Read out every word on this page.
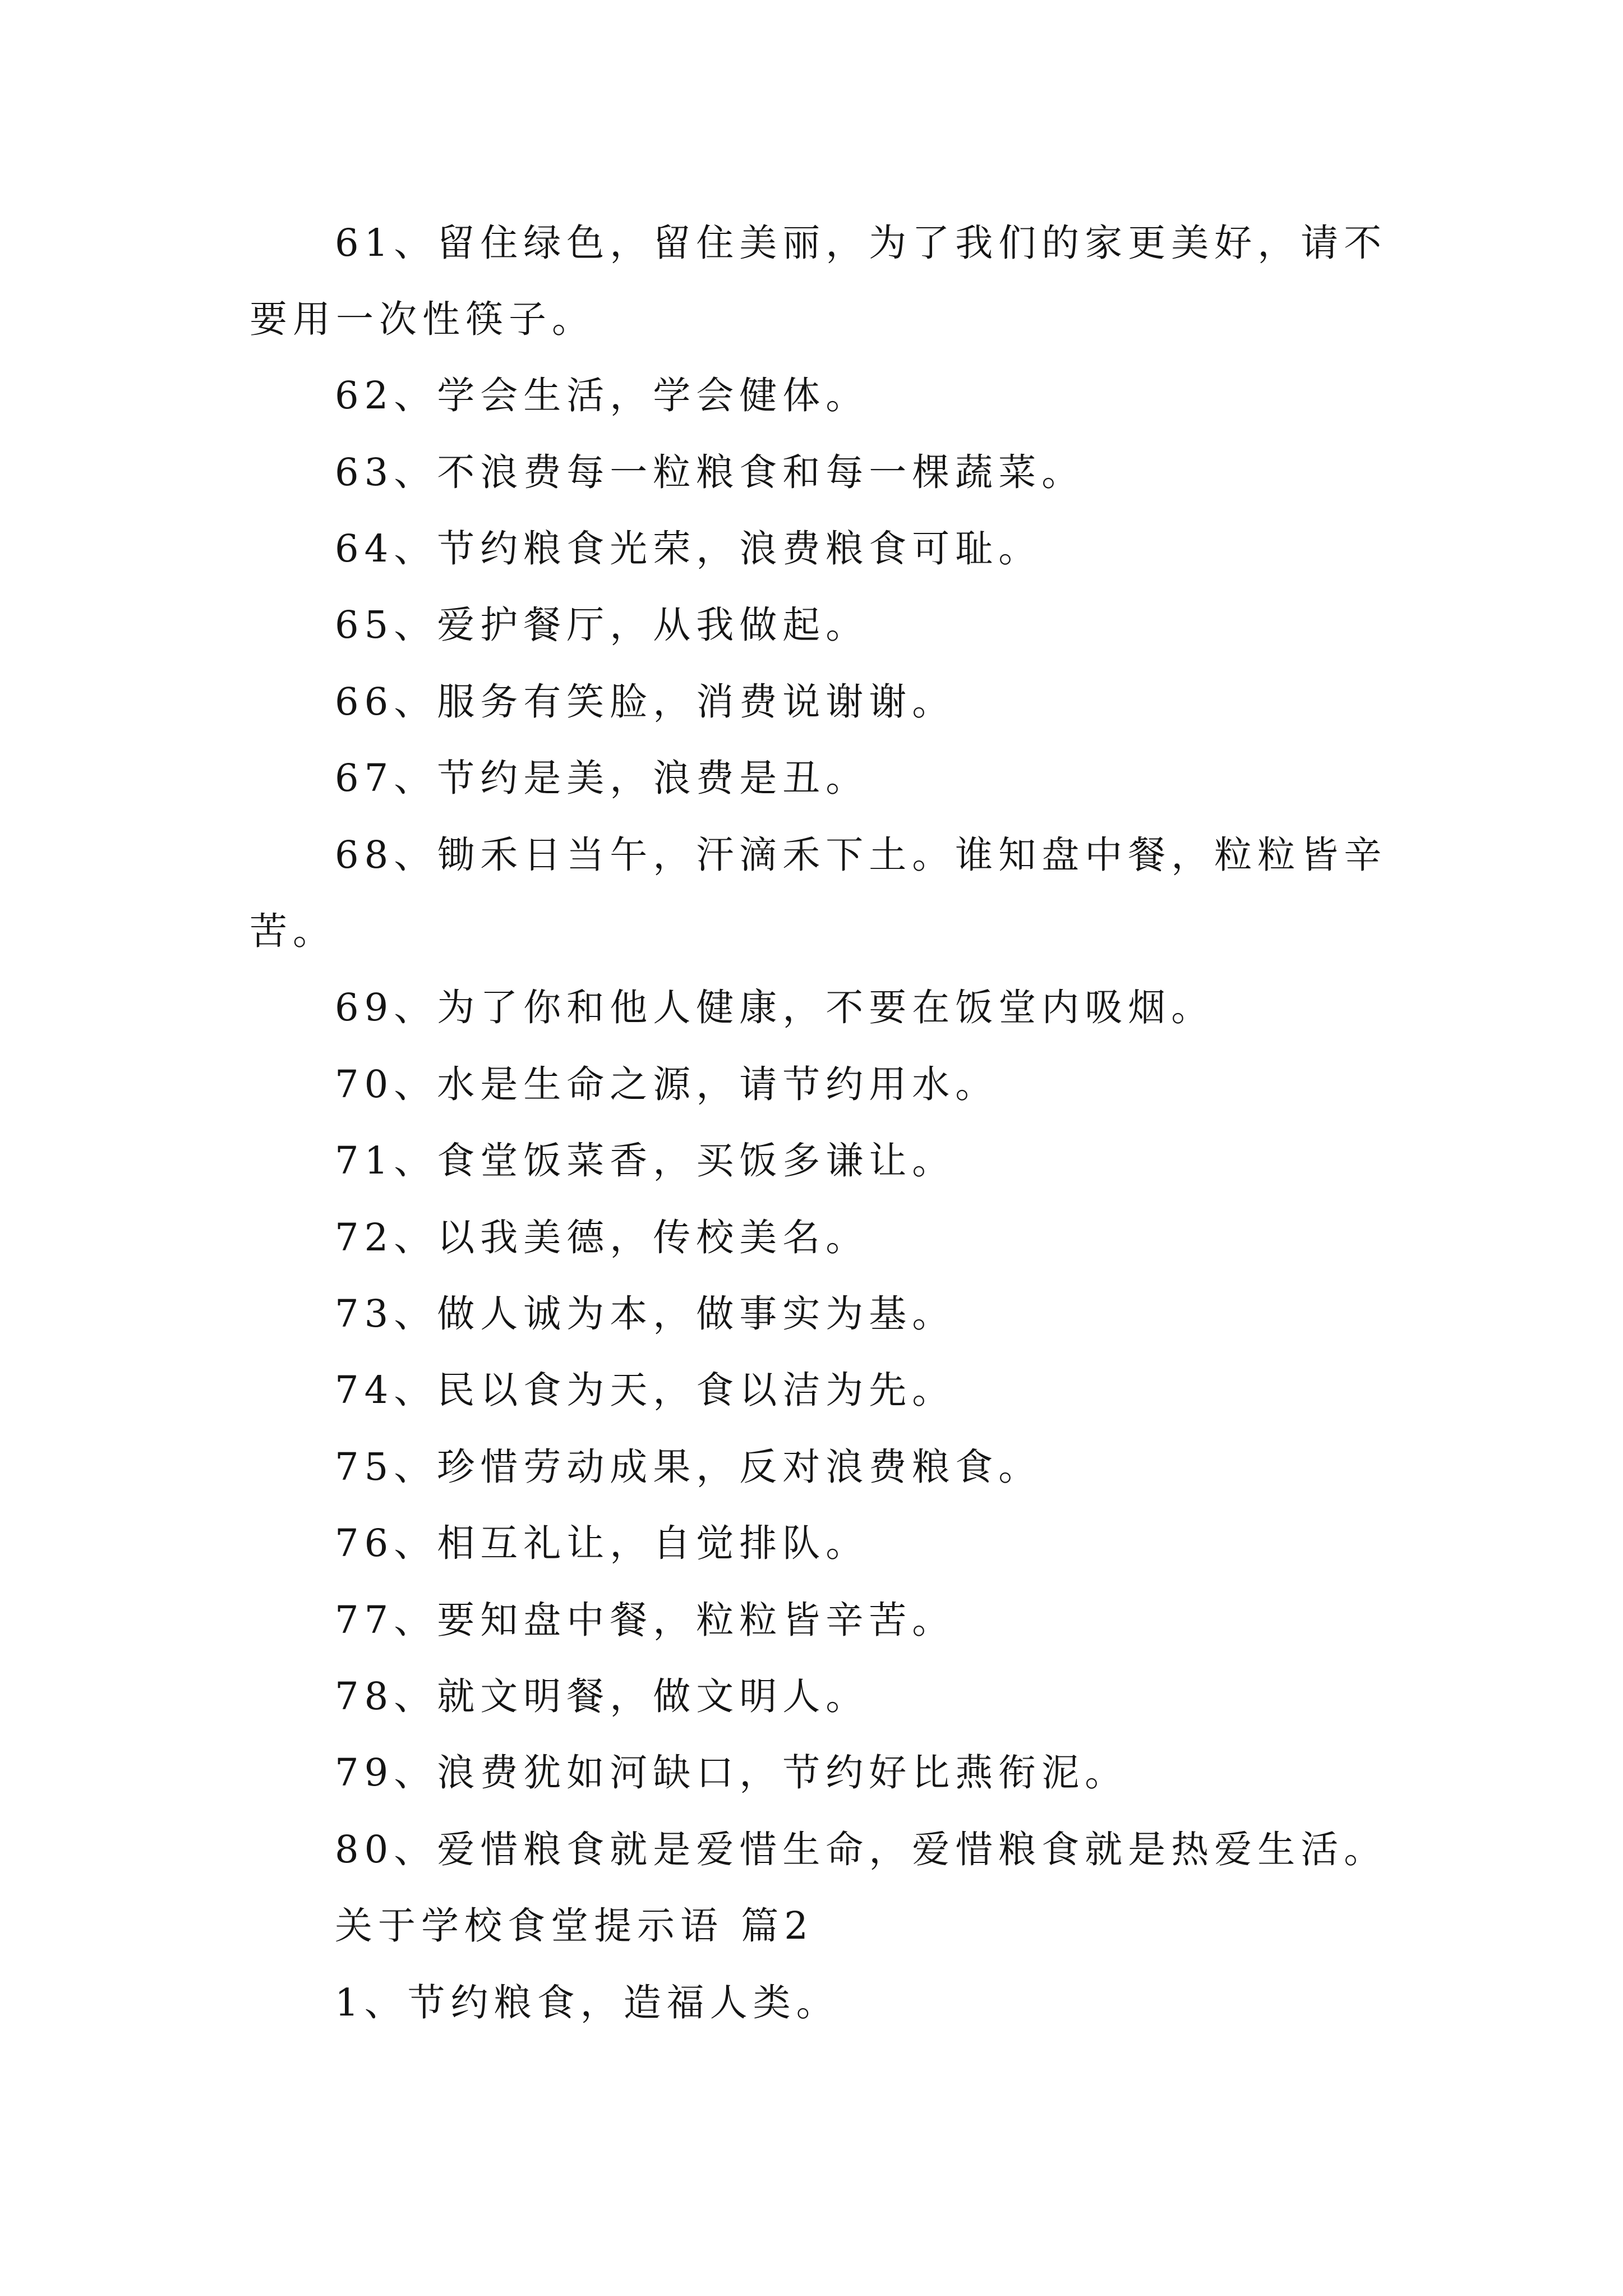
61、留住绿色，留住美丽，为了我们的家更美好，请不要用一次性筷子。

62、学会生活，学会健体。

63、不浪费每一粒粮食和每一棵蔬菜。

64、节约粮食光荣，浪费粮食可耻。

65、爱护餐厅，从我做起。

66、服务有笑脸，消费说谢谢。

67、节约是美，浪费是丑。

68、锄禾日当午，汗滴禾下土。谁知盘中餐，粒粒皆辛苦。

69、为了你和他人健康，不要在饭堂内吸烟。

70、水是生命之源，请节约用水。

71、食堂饭菜香，买饭多谦让。

72、以我美德，传校美名。

73、做人诚为本，做事实为基。

74、民以食为天，食以洁为先。

75、珍惜劳动成果，反对浪费粮食。

76、相互礼让，自觉排队。

77、要知盘中餐，粒粒皆辛苦。

78、就文明餐，做文明人。

79、浪费犹如河缺口，节约好比燕衔泥。

80、爱惜粮食就是爱惜生命，爱惜粮食就是热爱生活。

关于学校食堂提示语 篇2

1、节约粮食，造福人类。
